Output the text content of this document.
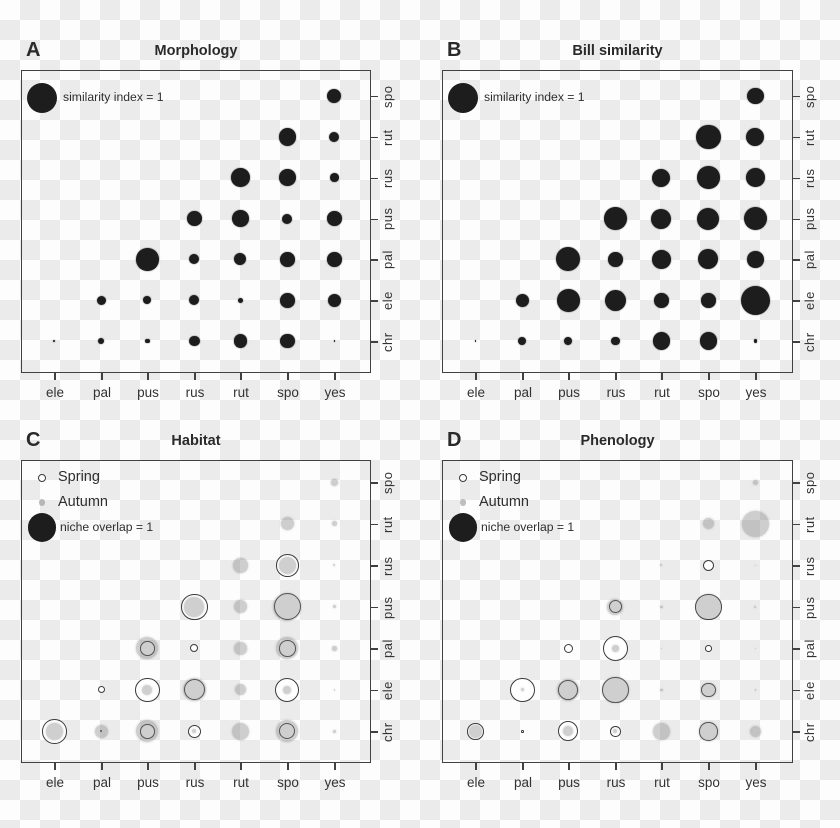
A	Morphology
similarity index = 1
B	Bill similarity
similarity index = 1
C	Habitat
Spring
Autumn
niche overlap = 1
D	Phenology
Spring
Autumn
niche overlap = 1
ele	pal	pus	rus	rut	spo	yes
spo
rut
rus
pus
pal
ele
chr
ele	pal	pus	rus	rut	spo	yes
spo
rut
rus
pus
pal
ele
chr
ele	pal	pus	rus	rut	spo	yes
spo
rut
rus
pus
pal
ele
chr
ele	pal	pus	rus	rut	spo	yes
spo
rut
rus
pus
pal
ele
chr
